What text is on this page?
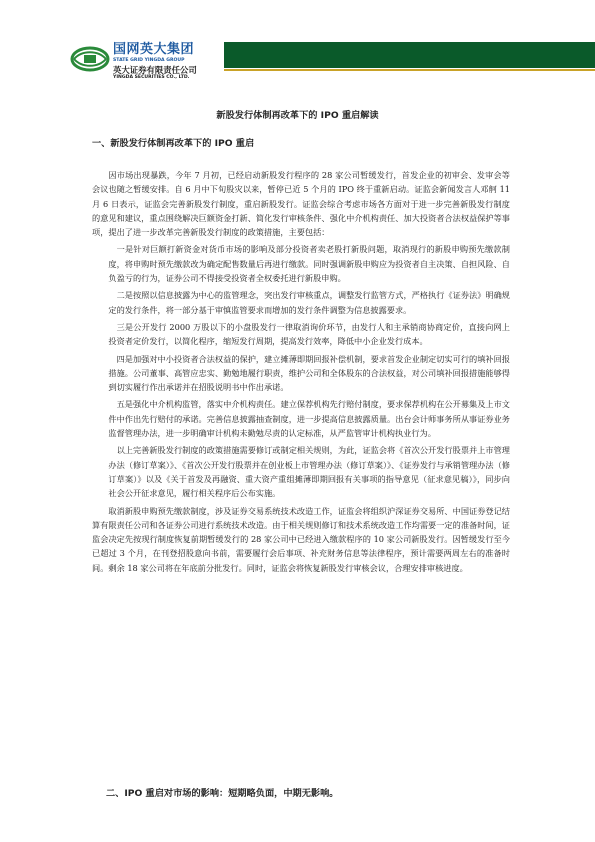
国网英大集团
STATE GRID YINGDA GROUP
英大证券有限责任公司
YINGDA SECURITIES CO., LTD.
新股发行体制再改革下的 IPO 重启解读
一、新股发行体制再改革下的 IPO 重启

因市场出现暴跌，今年 7 月初，已经启动新股发行程序的 28 家公司暂缓发行，首发企业的初审会、发审会等会议也随之暂缓安排。自 6 月中下旬股灾以来，暂停已近 5 个月的 IPO 终于重新启动。证监会新闻发言人邓舸 11 月 6 日表示，证监会完善新股发行制度，重启新股发行。证监会综合考虑市场各方面对于进一步完善新股发行制度的意见和建议，重点围绕解决巨额资金打新、简化发行审核条件、强化中介机构责任、加大投资者合法权益保护等事项，提出了进一步改革完善新股发行制度的政策措施，主要包括：

一是针对巨额打新资金对货币市场的影响及部分投资者卖老股打新股问题，取消现行的新股申购预先缴款制度，将申购时预先缴款改为确定配售数量后再进行缴款。同时强调新股申购应为投资者自主决策、自担风险、自负盈亏的行为，证券公司不得接受投资者全权委托进行新股申购。

二是按照以信息披露为中心的监管理念，突出发行审核重点，调整发行监管方式，严格执行《证券法》明确规定的发行条件，将一部分基于审慎监管要求而增加的发行条件调整为信息披露要求。

三是公开发行 2000 万股以下的小盘股发行一律取消询价环节，由发行人和主承销商协商定价，直接向网上投资者定价发行，以简化程序，缩短发行周期，提高发行效率，降低中小企业发行成本。

四是加强对中小投资者合法权益的保护，建立摊薄即期回报补偿机制，要求首发企业制定切实可行的填补回报措施。公司董事、高管应忠实、勤勉地履行职责，维护公司和全体股东的合法权益，对公司填补回报措施能够得到切实履行作出承诺并在招股说明书中作出承诺。

五是强化中介机构监管，落实中介机构责任。建立保荐机构先行赔付制度，要求保荐机构在公开募集及上市文件中作出先行赔付的承诺。完善信息披露抽查制度，进一步提高信息披露质量。出台会计师事务所从事证券业务监督管理办法，进一步明确审计机构未勤勉尽责的认定标准，从严监管审计机构执业行为。

以上完善新股发行制度的政策措施需要修订或制定相关规则，为此，证监会将《首次公开发行股票并上市管理办法（修订草案）》、《首次公开发行股票并在创业板上市管理办法（修订草案）》、《证券发行与承销管理办法（修订草案）》以及《关于首发及再融资、重大资产重组摊薄即期回报有关事项的指导意见（征求意见稿）》，同步向社会公开征求意见，履行相关程序后公布实施。

取消新股申购预先缴款制度，涉及证券交易系统技术改造工作，证监会将组织沪深证券交易所、中国证券登记结算有限责任公司和各证券公司进行系统技术改造。由于相关规则修订和技术系统改造工作均需要一定的准备时间，证监会决定先按现行制度恢复前期暂缓发行的 28 家公司中已经进入缴款程序的 10 家公司新股发行。因暂缓发行至今已超过 3 个月，在刊登招股意向书前，需要履行会后事项、补充财务信息等法律程序，预计需要两周左右的准备时间。剩余 18 家公司将在年底前分批发行。同时，证监会将恢复新股发行审核会议，合理安排审核进度。

二、IPO 重启对市场的影响：短期略负面，中期无影响。
